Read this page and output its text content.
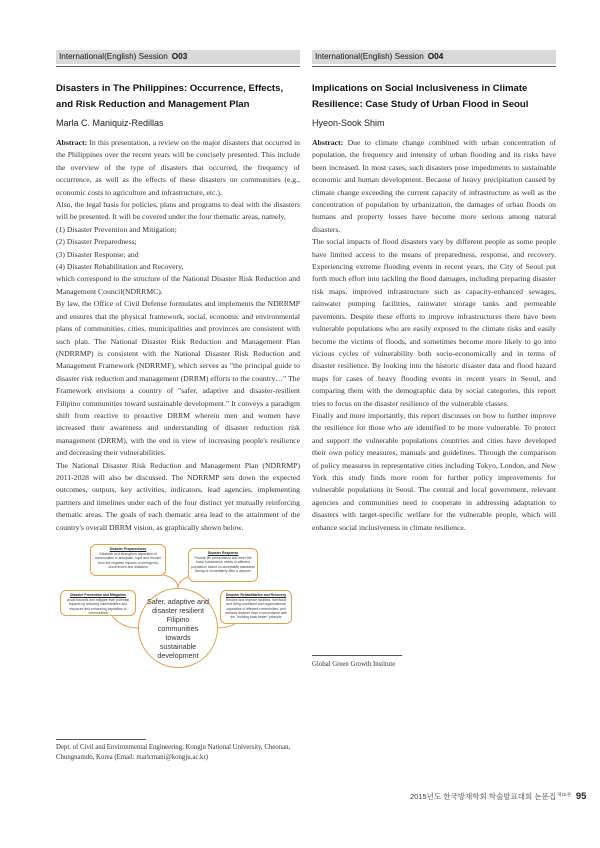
International(English) Session O03
Disasters in The Philippines: Occurrence, Effects, and Risk Reduction and Management Plan
Marla C. Maniquiz-Redillas

Abstract: In this presentation, a review on the major disasters that occurred in the Philippines over the recent years will be concisely presented. This include the overview of the type of disasters that occurred, the frequency of occurrence, as well as the effects of these disasters on communities (e.g., economic costs to agriculture and infrastructure, etc.).

Also, the legal basis for policies, plans and programs to deal with the disasters will be presented. It will be covered under the four thematic areas, namely,

(1) Disaster Prevention and Mitigation;

(2) Disaster Preparedness;

(3) Disaster Response; and

(4) Disaster Rehabilitation and Recovery,

which correspond to the structure of the National Disaster Risk Reduction and Management Council(NDRRMC).

By law, the Office of Civil Defense formulates and implements the NDRRMP and ensures that the physical framework, social, economic and environmental plans of communities, cities, municipalities and provinces are consistent with such plan. The National Disaster Risk Reduction and Management Plan (NDRRMP) is consistent with the National Disaster Risk Reduction and Management Framework (NDRRMF), which serves as "the principal guide to disaster risk reduction and management (DRRM) efforts to the country…" The Framework envisions a country of "safer, adaptive and disaster-resilient Filipino communities toward sustainable development." It conveys a paradigm shift from reactive to proactive DRRM wherein men and women have increased their awareness and understanding of disaster reduction risk management (DRRM), with the end in view of increasing people's resilience and decreasing their vulnerabilities.

The National Disaster Risk Reduction and Management Plan (NDRRMP) 2011-2028 will also be discussed. The NDRRMP sets down the expected outcomes, outputs, key activities, indicators, lead agencies, implementing partners and timelines under each of the four distinct yet mutually reinforcing thematic areas. The goals of each thematic area lead to the attainment of the country's overall DRRM vision, as graphically shown below.

Disaster Preparedness
Establish and strengthen capacities of communities to anticipate, cope and recover from the negative impacts of emergency occurrences and disasters
Disaster Response
Provide life preservation and meet the basic subsistence needs of affected population based on acceptable standards during or immediately after a disaster
Disaster Prevention and Mitigation
Avoid hazards and mitigate their potential impacts by reducing vulnerabilities and exposure and enhancing capacities of communities
Disaster Rehabilitation and Recovery
Restore and improve facilities, livelihood and living conditions and organizational capacities of affected communities, and reduced disaster risks in accordance with the "building back better" principle
Safer, adaptive and disaster resilient Filipino communities towards sustainable development
Dept. of Civil and Environmental Engineering, Kongju National University, Cheonan, Chungnamdo, Korea (Email: marlcmani@kongju.ac.kr)
International(English) Session O04
Implications on Social Inclusiveness in Climate Resilience: Case Study of Urban Flood in Seoul
Hyeon-Sook Shim

Abstract: Due to climate change combined with urban concentration of population, the frequency and intensity of urban flooding and its risks have been increased. In most cases, such disasters pose impediments to sustainable economic and human development. Because of heavy precipitation caused by climate change exceeding the current capacity of infrastructure as well as the concentration of population by urbanization, the damages of urban floods on humans and property losses have become more serious among natural disasters.

The social impacts of flood disasters vary by different people as some people have limited access to the means of preparedness, response, and recovery. Experiencing extreme flooding events in recent years, the City of Seoul put forth much effort into tackling the flood damages, including preparing disaster risk maps, improved infrastructure such as capacity-enhanced sewages, rainwater pumping facilities, rainwater storage tanks and permeable pavements. Despite these efforts to improve infrastructures there have been vulnerable populations who are easily exposed to the climate risks and easily become the victims of floods, and sometimes become more likely to go into vicious cycles of vulnerability both socio-economically and in terms of disaster resilience. By looking into the historic disaster data and flood hazard maps for cases of heavy flooding events in recent years in Seoul, and comparing them with the demographic data by social categories, this report tries to focus on the disaster resilience of the vulnerable classes.

Finally and more importantly, this report discusses on how to further improve the resilience for those who are identified to be more vulnerable. To protect and support the vulnerable populations countries and cities have developed their own policy measures, manuals and guidelines. Through the comparison of policy measures in representative cities including Tokyo, London, and New York this study finds more room for further policy improvements for vulnerable populations in Seoul. The central and local government, relevant agencies and communities need to cooperate in addressing adaptation to disasters with target-specific welfare for the vulnerable people, which will enhance social inclusiveness in climate resilience.

Global Green Growth Institute
2015년도 한국방재학회 학술발표대회 논문집$^{제15권}$ 95
